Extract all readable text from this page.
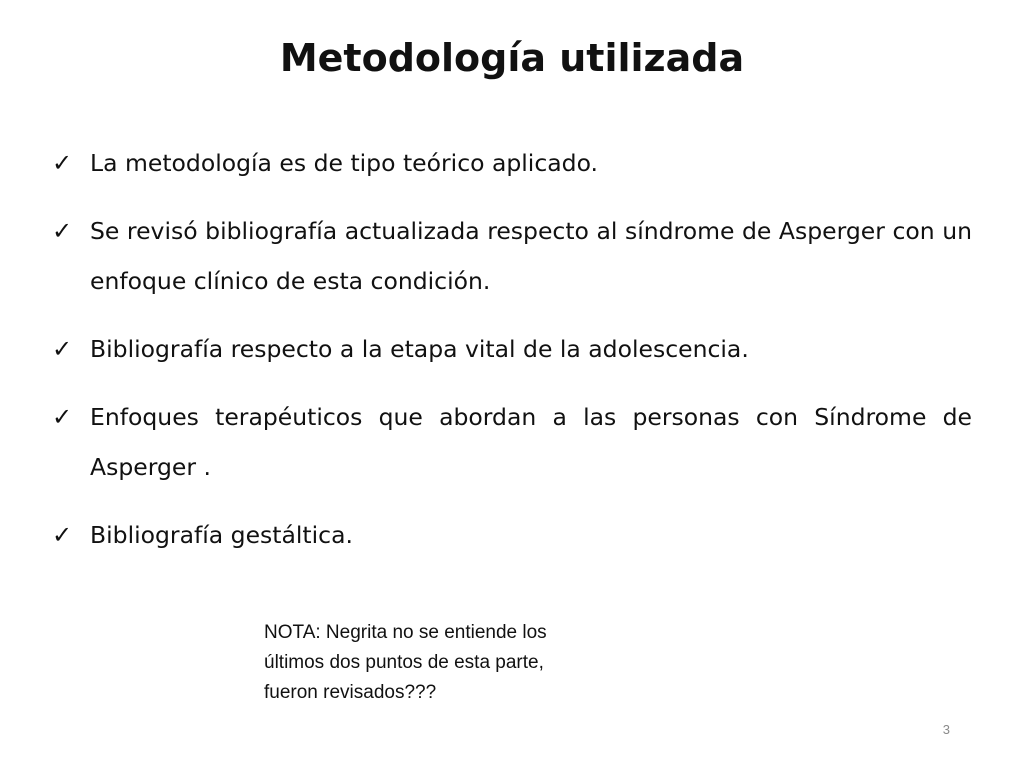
Metodología utilizada
✓ La metodología es de tipo teórico aplicado.
✓ Se revisó bibliografía actualizada respecto al síndrome de Asperger con un enfoque clínico de esta condición.
✓ Bibliografía respecto a la etapa vital de la adolescencia.
✓ Enfoques terapéuticos que abordan a las personas con Síndrome de Asperger .
✓ Bibliografía gestáltica.
NOTA: Negrita no se entiende los
últimos dos puntos de esta parte,
fueron revisados???
3
